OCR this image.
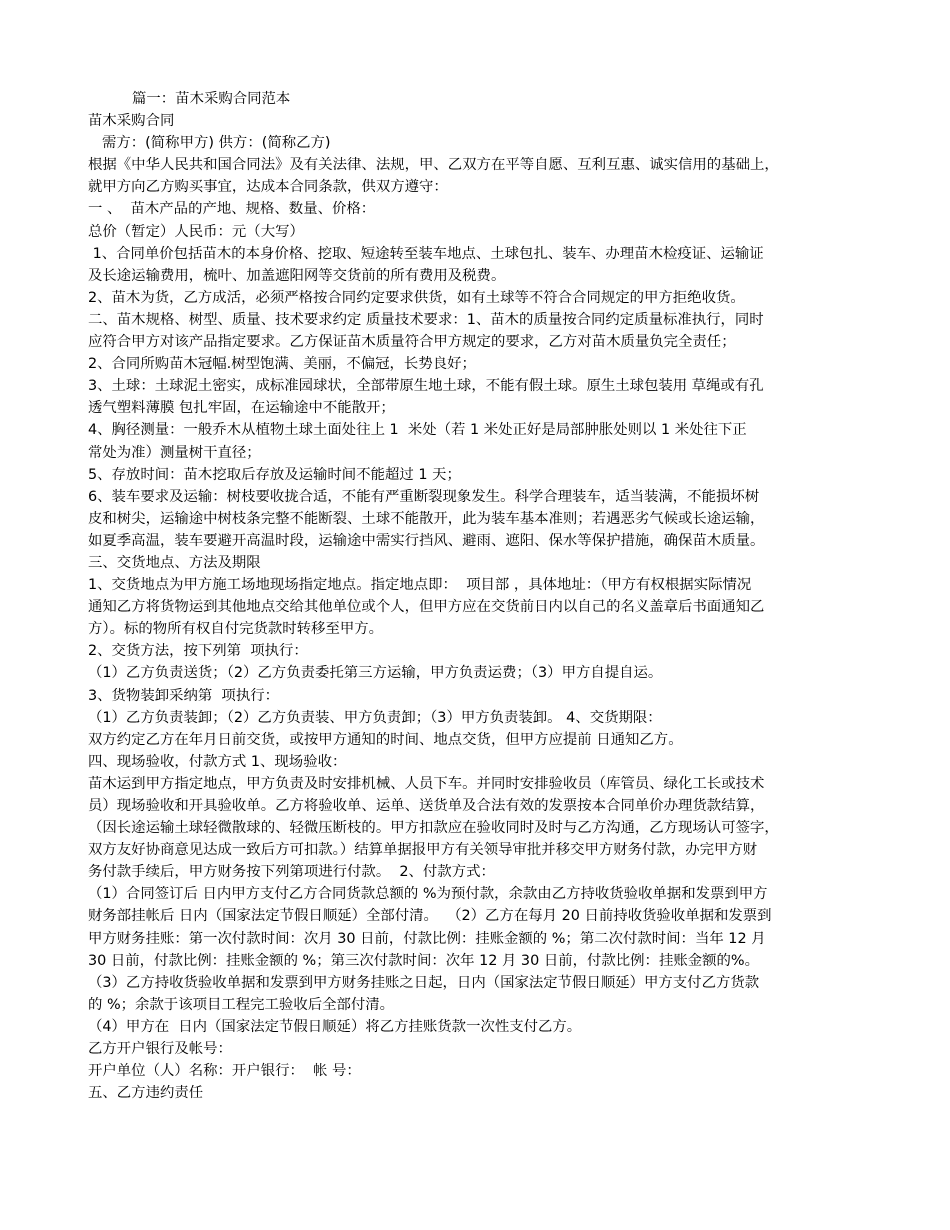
篇一：苗木采购合同范本
苗木采购合同
需方：(简称甲方) 供方：(简称乙方)
根据《中华人民共和国合同法》及有关法律、法规，甲、乙双方在平等自愿、互利互惠、诚实信用的基础上，
就甲方向乙方购买事宜，达成本合同条款，供双方遵守：
一 、  苗木产品的产地、规格、数量、价格：
总价（暂定）人民币：元（大写）
1、合同单价包括苗木的本身价格、挖取、短途转至装车地点、土球包扎、装车、办理苗木检疫证、运输证
及长途运输费用，梳叶、加盖遮阳网等交货前的所有费用及税费。
2、苗木为货，乙方成活，必须严格按合同约定要求供货，如有土球等不符合合同规定的甲方拒绝收货。
二、苗木规格、树型、质量、技术要求约定 质量技术要求：1、苗木的质量按合同约定质量标准执行，同时
应符合甲方对该产品指定要求。乙方保证苗木质量符合甲方规定的要求，乙方对苗木质量负完全责任；
2、合同所购苗木冠幅.树型饱满、美丽，不偏冠，长势良好；
3、土球：土球泥土密实，成标准园球状，全部带原生地土球，不能有假土球。原生土球包装用 草绳或有孔
透气塑料薄膜 包扎牢固，在运输途中不能散开；
4、胸径测量：一般乔木从植物土球土面处往上 1  米处（若 1 米处正好是局部肿胀处则以 1 米处往下正
常处为准）测量树干直径；
5、存放时间：苗木挖取后存放及运输时间不能超过 1 天；
6、装车要求及运输：树枝要收拢合适，不能有严重断裂现象发生。科学合理装车，适当装满，不能损坏树
皮和树尖，运输途中树枝条完整不能断裂、土球不能散开，此为装车基本准则；若遇恶劣气候或长途运输，
如夏季高温，装车要避开高温时段，运输途中需实行挡风、避雨、遮阳、保水等保护措施，确保苗木质量。
三、交货地点、方法及期限
1、交货地点为甲方施工场地现场指定地点。指定地点即：  项目部 ，具体地址：（甲方有权根据实际情况
通知乙方将货物运到其他地点交给其他单位或个人，但甲方应在交货前日内以自己的名义盖章后书面通知乙
方）。标的物所有权自付完货款时转移至甲方。
2、交货方法，按下列第  项执行：
（1）乙方负责送货；（2）乙方负责委托第三方运输，甲方负责运费；（3）甲方自提自运。
3、货物装卸采纳第  项执行：
（1）乙方负责装卸；（2）乙方负责装、甲方负责卸；（3）甲方负责装卸。 4、交货期限：
双方约定乙方在年月日前交货，或按甲方通知的时间、地点交货，但甲方应提前 日通知乙方。
四、现场验收，付款方式 1、现场验收：
苗木运到甲方指定地点，甲方负责及时安排机械、人员下车。并同时安排验收员（库管员、绿化工长或技术
员）现场验收和开具验收单。乙方将验收单、运单、送货单及合法有效的发票按本合同单价办理货款结算，
（因长途运输土球轻微散球的、轻微压断枝的。甲方扣款应在验收同时及时与乙方沟通，乙方现场认可签字，
双方友好协商意见达成一致后方可扣款。）结算单据报甲方有关领导审批并移交甲方财务付款，办完甲方财
务付款手续后，甲方财务按下列第项进行付款。  2、付款方式：
（1）合同签订后 日内甲方支付乙方合同货款总额的 %为预付款，余款由乙方持收货验收单据和发票到甲方
财务部挂帐后 日内（国家法定节假日顺延）全部付清。  （2）乙方在每月 20 日前持收货验收单据和发票到
甲方财务挂账：第一次付款时间：次月 30 日前，付款比例：挂账金额的 %；第二次付款时间：当年 12 月
30 日前，付款比例：挂账金额的 %；第三次付款时间：次年 12 月 30 日前，付款比例：挂账金额的%。
（3）乙方持收货验收单据和发票到甲方财务挂账之日起，日内（国家法定节假日顺延）甲方支付乙方货款
的 %；余款于该项目工程完工验收后全部付清。
（4）甲方在  日内（国家法定节假日顺延）将乙方挂账货款一次性支付乙方。
乙方开户银行及帐号：
开户单位（人）名称：开户银行：  帐 号：
五、乙方违约责任
